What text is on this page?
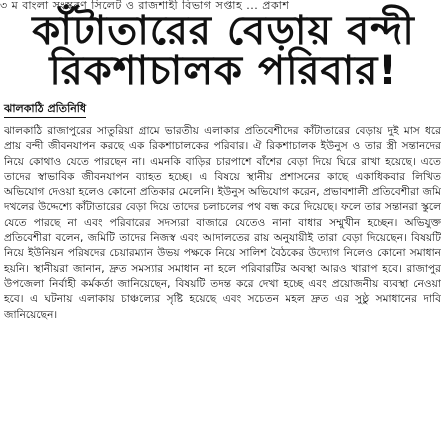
৩ ম বাংলা সংস্করণ সিলেট ও রাজশাহী বিভাগ সপ্তাহ ... প্রকাশ
কাঁটাতারের বেড়ায় বন্দী
রিকশাচালক পরিবার!
ঝালকাঠি প্রতিনিধি

ঝালকাঠি রাজাপুরের সাতুরিয়া গ্রামে ভারতীয় এলাকার প্রতিবেশীদের কাঁটাতারের বেড়ায় দুই মাস ধরে প্রায় বন্দী জীবনযাপন করছে এক রিকশাচালকের পরিবার। ঐ রিকশাচালক ইউনুস ও তার স্ত্রী সন্তানদের নিয়ে কোথাও যেতে পারছেন না। এমনকি বাড়ির চারপাশে বাঁশের বেড়া দিয়ে ঘিরে রাখা হয়েছে। এতে তাদের স্বাভাবিক জীবনযাপন ব্যাহত হচ্ছে। এ বিষয়ে স্থানীয় প্রশাসনের কাছে একাধিকবার লিখিত অভিযোগ দেওয়া হলেও কোনো প্রতিকার মেলেনি। ইউনুস অভিযোগ করেন, প্রভাবশালী প্রতিবেশীরা জমি দখলের উদ্দেশ্যে কাঁটাতারের বেড়া দিয়ে তাদের চলাচলের পথ বন্ধ করে দিয়েছে। ফলে তার সন্তানরা স্কুলে যেতে পারছে না এবং পরিবারের সদস্যরা বাজারে যেতেও নানা বাধার সম্মুখীন হচ্ছেন। অভিযুক্ত প্রতিবেশীরা বলেন, জমিটি তাদের নিজস্ব এবং আদালতের রায় অনুযায়ীই তারা বেড়া দিয়েছেন। বিষয়টি নিয়ে ইউনিয়ন পরিষদের চেয়ারম্যান উভয় পক্ষকে নিয়ে সালিশ বৈঠকের উদ্যোগ নিলেও কোনো সমাধান হয়নি। স্থানীয়রা জানান, দ্রুত সমস্যার সমাধান না হলে পরিবারটির অবস্থা আরও খারাপ হবে। রাজাপুর উপজেলা নির্বাহী কর্মকর্তা জানিয়েছেন, বিষয়টি তদন্ত করে দেখা হচ্ছে এবং প্রয়োজনীয় ব্যবস্থা নেওয়া হবে। এ ঘটনায় এলাকায় চাঞ্চল্যের সৃষ্টি হয়েছে এবং সচেতন মহল দ্রুত এর সুষ্ঠু সমাধানের দাবি জানিয়েছেন।
